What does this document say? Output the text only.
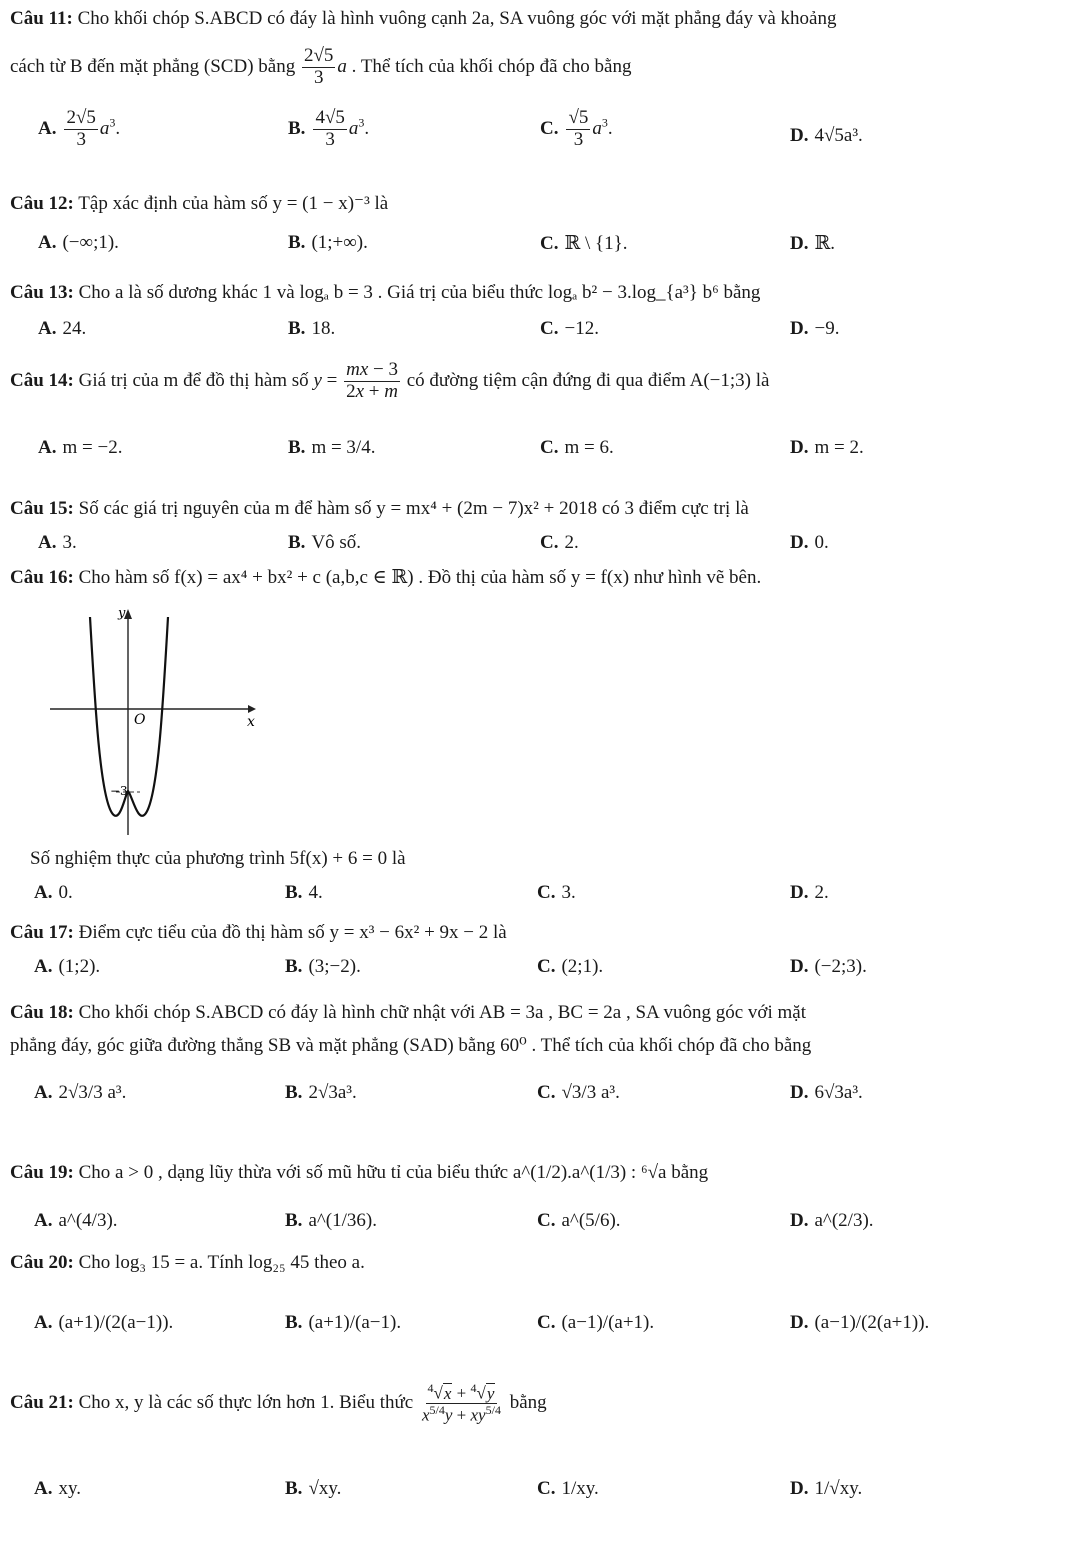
Câu 11: Cho khối chóp S.ABCD có đáy là hình vuông cạnh 2a, SA vuông góc với mặt phẳng đáy và khoảng
cách từ B đến mặt phẳng (SCD) bằng $\frac{2√5}{3}$ a . Thể tích của khối chóp đã cho bằng
A. $\frac{2√5}{3} a^3$.	B. $\frac{4√5}{3} a^3$.	C. $\frac{√5}{3} a^3$.	D. 4√5a³.
Câu 12: Tập xác định của hàm số y = (1 − x)⁻³ là
A. (−∞;1).	B. (1;+∞).	C. ℝ \ {1}.	D. ℝ.
Câu 13: Cho a là số dương khác 1 và logₐ b = 3 . Giá trị của biểu thức logₐ b² − 3.log_{a³} b⁶ bằng
A. 24.	B. 18.	C. −12.	D. −9.
Câu 14: Giá trị của m để đồ thị hàm số $y = \frac{mx - 3}{2x + m}$ có đường tiệm cận đứng đi qua điểm A(−1;3) là
A. m = −2.	B. m = 3/4.	C. m = 6.	D. m = 2.
Câu 15: Số các giá trị nguyên của m để hàm số y = mx⁴ + (2m − 7)x² + 2018 có 3 điểm cực trị là
A. 3.	B. Vô số.	C. 2.	D. 0.
Câu 16: Cho hàm số f(x) = ax⁴ + bx² + c (a,b,c ∈ ℝ) . Đồ thị của hàm số y = f(x) như hình vẽ bên.
y
x
O
−3
Số nghiệm thực của phương trình 5f(x) + 6 = 0 là
A. 0.	B. 4.	C. 3.	D. 2.
Câu 17: Điểm cực tiểu của đồ thị hàm số y = x³ − 6x² + 9x − 2 là
A. (1;2).	B. (3;−2).	C. (2;1).	D. (−2;3).
Câu 18: Cho khối chóp S.ABCD có đáy là hình chữ nhật với AB = 3a , BC = 2a , SA vuông góc với mặt
phẳng đáy, góc giữa đường thẳng SB và mặt phẳng (SAD) bằng 60⁰ . Thể tích của khối chóp đã cho bằng
A. 2√3/3 a³.	B. 2√3a³.	C. √3/3 a³.	D. 6√3a³.
Câu 19: Cho a > 0 , dạng lũy thừa với số mũ hữu tỉ của biểu thức a^(1/2).a^(1/3) : ⁶√a bằng
A. a^(4/3).	B. a^(1/36).	C. a^(5/6).	D. a^(2/3).
Câu 20: Cho log₃ 15 = a. Tính log₂₅ 45 theo a.
A. (a+1)/(2(a−1)).	B. (a+1)/(a−1).	C. (a−1)/(a+1).	D. (a−1)/(2(a+1)).
Câu 21: Cho x, y là các số thực lớn hơn 1. Biểu thức $\frac{^4√x + ^4√y}{x^{5/4}y + xy^{5/4}}$ bằng
A. xy.	B. √xy.	C. 1/xy.	D. 1/√xy.
